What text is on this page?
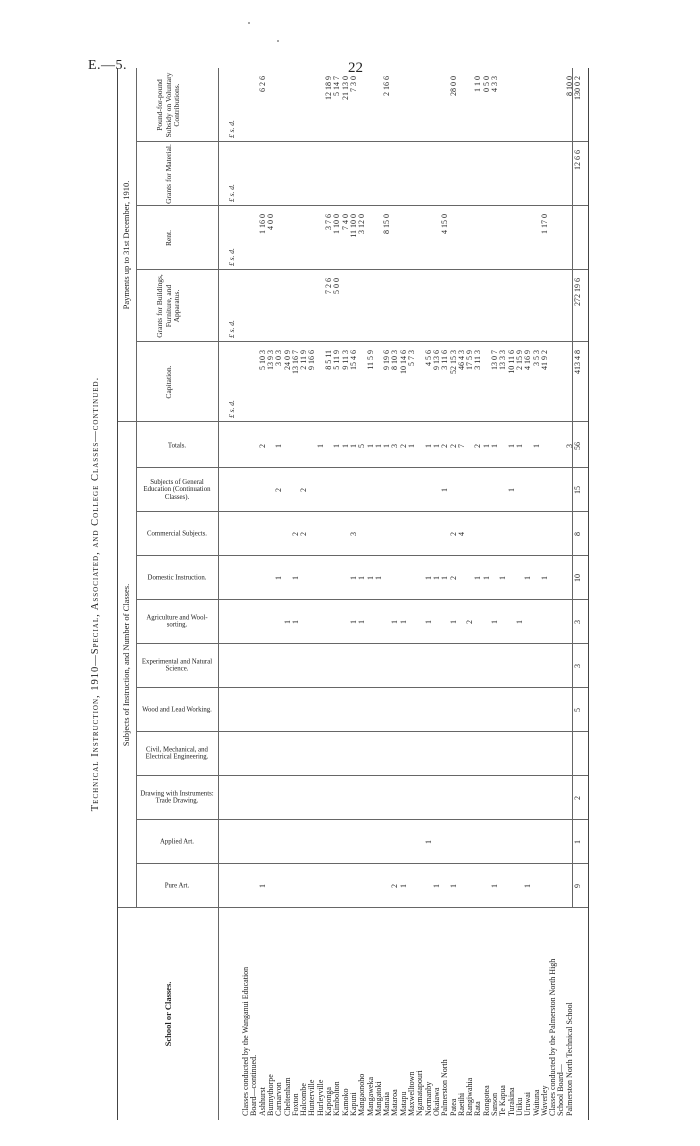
E.—5.	22
Technical Instruction, 1910—Special, Associated, and College Classes—continued. Subjects of Instruction, and Number of Classes.
Payments up to 31st December, 1910.
School or Classes.
Pure Art.
Applied Art.
Drawing with Instruments: Trade Drawing.
Civil, Mechanical, and Electrical Engineering.
Wood and Lead Working.
Experimental and Natural Science.
Agriculture and Wool-sorting.
Domestic Instruction.
Commercial Subjects.
Subjects of General Education (Continuation Classes).
Totals.
Capitation.
Grants for Buildings, Furniture, and Apparatus.
Rent.
Grants for Material.
Pound-for-pound Subsidy on Voluntary Contributions.
Classes conducted by the Wanganui Education Board—continued. Ashhurst
1
2
5 10 3
1 16 0
6 2 6
Bunnythorpe
13 9 3
4 0 0
Carnarvon
1
2
1
3 0 3
Cheltenham
1
24 0 9
Foxton
1
1
2
13 16 7
Halcombe
2
2
2 11 9
Hunterville
9 16 6
Hurleyville
1
Kaponga
8 5 11
7 2 6
3 7 6
12 18 9
Kimbolton
1
5 11 9
5 0 0
1 10 0
5 14 7
Kamoko
1
9 11 3
7 4 0
21 13 0
Kapuni
1
1
3
1
15 4 6
11 10 0
7 3 0
Mangaonoho
1
1
5
3 12 0
Mangaweka
1
1
11 5 9
Mangatoki
1
1
Manaia
1
9 19 6
8 15 0
2 16 6
Mataroa
2
1
3
8 10 3
Matapu
1
1
2
10 14 6
Maxwelltown
1
5 7 3
Ngamatapouri Normanby
1
1
1
1
4 5 6
Okaiawa
1
1
1
9 13 6
Palmerston North
1
1
2
3 11 6
4 15 0
Patea
1
1
2
2
2
52 15 3
28 0 0
Raetihi
4
7
46 4 3
Rangiwahia
2
17 5 9
Rata
1
2
3 11 3
1 1 0
Rongotea
1
1
0 5 0
Sanson
1
1
1
13 0 7
4 3 3
Te Kapua
1
13 3 3
Turakina
1
1
10 11 6
Utiku
1
1
2 15 9
Uruwai
1
1
4 16 9
Waituna
1
3 5 3
Waverley
1
41 9 2
1 17 0
Classes conducted by the Palmerston North High School Board— Palmerston North Technical School
3
8 10 0
9
1
2
5
3
3
10
8
15
56
413 4 8
272 19 6
12 6 6
130 0 2
£ s. d.
£ s. d.
£ s. d.
£ s. d.
£ s. d.
